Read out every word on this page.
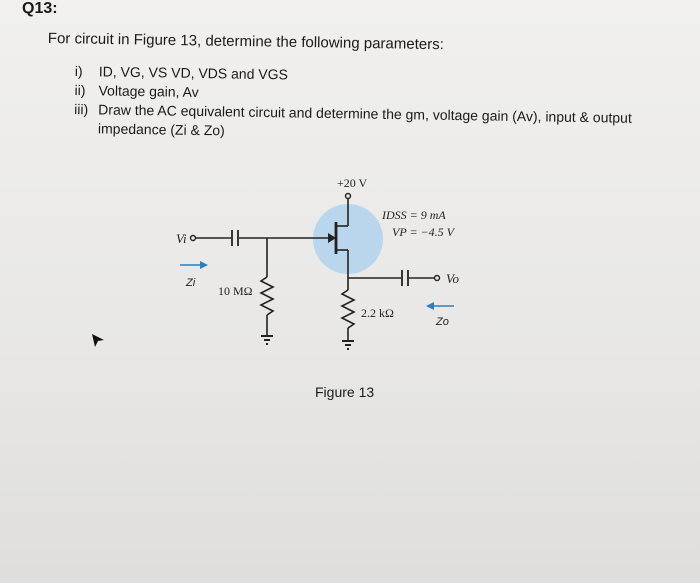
Q13:
For circuit in Figure 13, determine the following parameters:
i) ID, VG, VS VD, VDS and VGS
ii) Voltage gain, Av
iii) Draw the AC equivalent circuit and determine the gm, voltage gain (Av), input & output
impedance (Zi & Zo)
+20 V
Vi
10 MΩ
Zi
2.2 kΩ
Vo
Zo
IDSS = 9 mA
VP = −4.5 V
Figure 13
